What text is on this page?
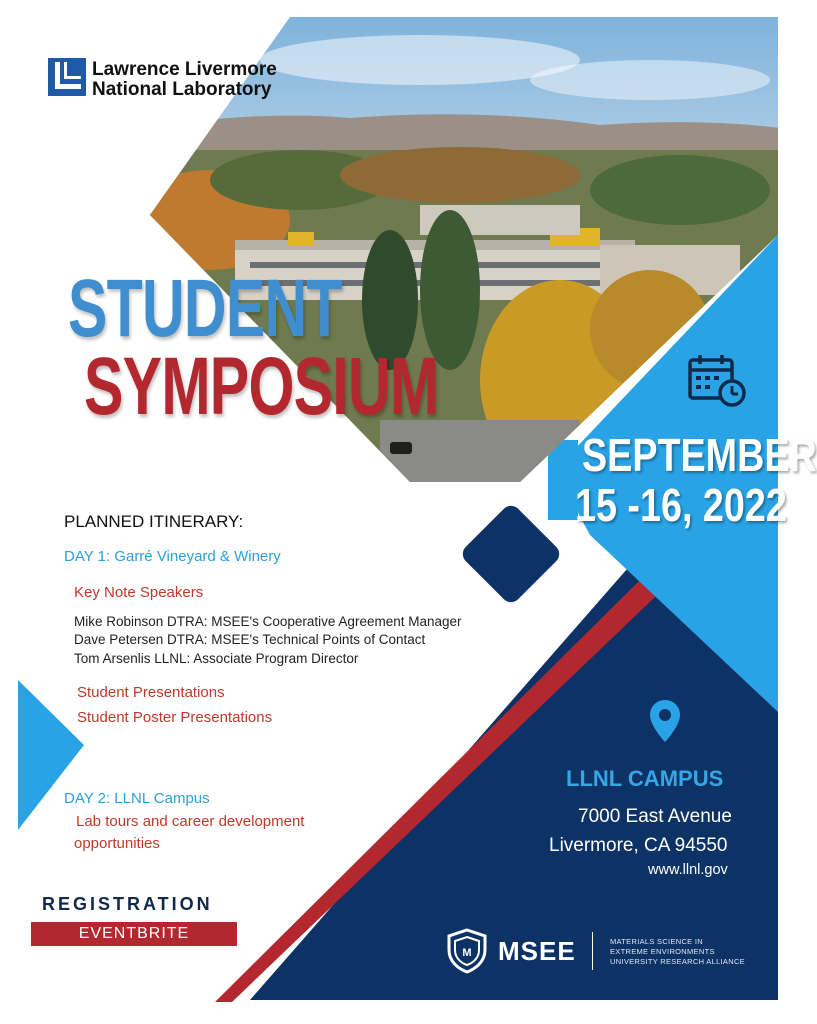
Lawrence Livermore
National Laboratory
STUDENT
SYMPOSIUM
SEPTEMBER
15 -16, 2022
PLANNED ITINERARY:
DAY 1: Garré Vineyard & Winery
Key Note Speakers
Mike Robinson DTRA: MSEE's Cooperative Agreement Manager
Dave Petersen DTRA: MSEE's Technical Points of Contact
Tom Arsenlis LLNL: Associate Program Director
Student Presentations
Student Poster Presentations
DAY 2: LLNL Campus
Lab tours and career development
opportunities
REGISTRATION
EVENTBRITE
LLNL CAMPUS
7000 East Avenue
Livermore, CA 94550
www.llnl.gov
M MSEE	MATERIALS SCIENCE IN
EXTREME ENVIRONMENTS
UNIVERSITY RESEARCH ALLIANCE
